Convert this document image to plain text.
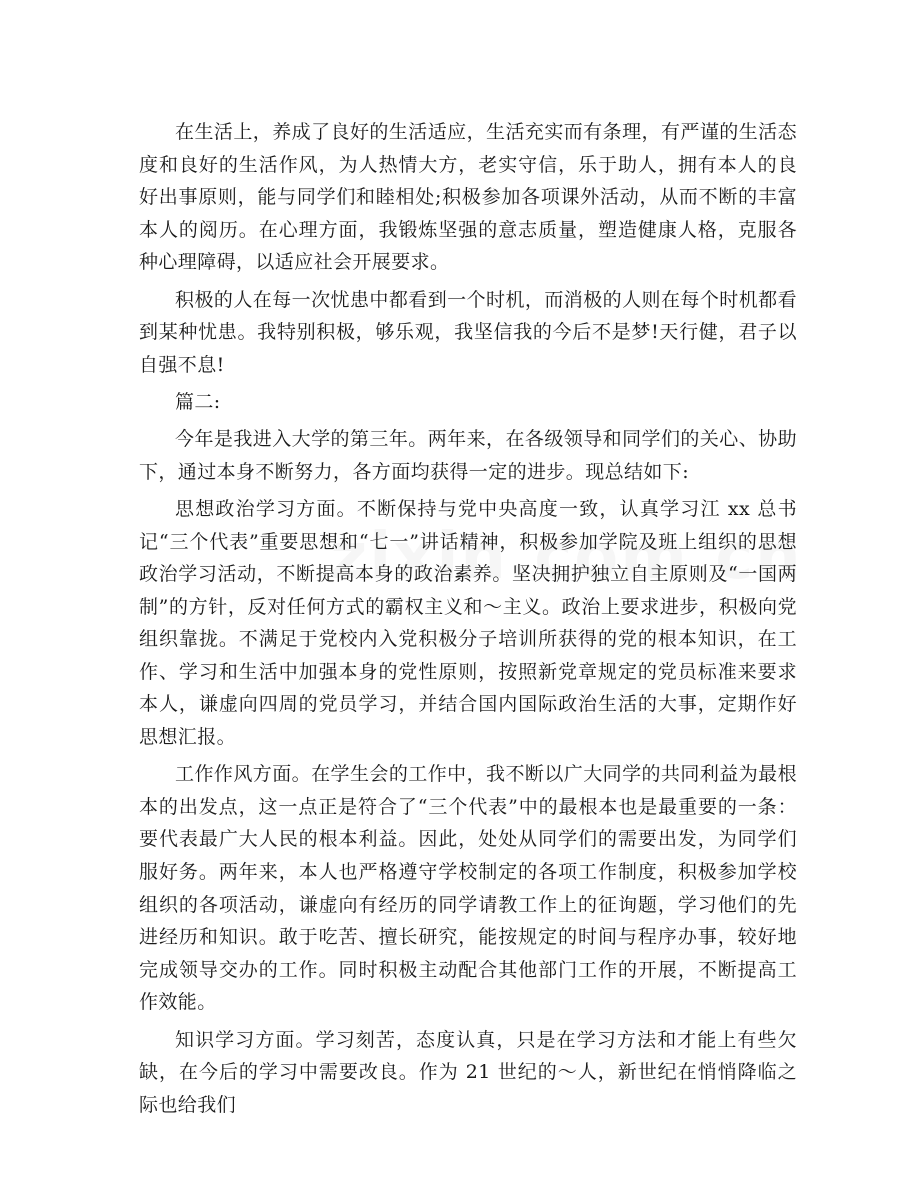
在生活上，养成了良好的生活适应，生活充实而有条理，有严谨的生活态度和良好的生活作风，为人热情大方，老实守信，乐于助人，拥有本人的良好出事原则，能与同学们和睦相处;积极参加各项课外活动，从而不断的丰富本人的阅历。在心理方面，我锻炼坚强的意志质量，塑造健康人格，克服各种心理障碍，以适应社会开展要求。

积极的人在每一次忧患中都看到一个时机，而消极的人则在每个时机都看到某种忧患。我特别积极，够乐观，我坚信我的今后不是梦!天行健，君子以自强不息!

篇二:

今年是我进入大学的第三年。两年来，在各级领导和同学们的关心、协助下，通过本身不断努力，各方面均获得一定的进步。现总结如下:

思想政治学习方面。不断保持与党中央高度一致，认真学习江 xx 总书记“三个代表”重要思想和“七一”讲话精神，积极参加学院及班上组织的思想政治学习活动，不断提高本身的政治素养。坚决拥护独立自主原则及“一国两制”的方针，反对任何方式的霸权主义和～主义。政治上要求进步，积极向党组织靠拢。不满足于党校内入党积极分子培训所获得的党的根本知识，在工作、学习和生活中加强本身的党性原则，按照新党章规定的党员标准来要求本人，谦虚向四周的党员学习，并结合国内国际政治生活的大事，定期作好思想汇报。

工作作风方面。在学生会的工作中，我不断以广大同学的共同利益为最根本的出发点，这一点正是符合了“三个代表”中的最根本也是最重要的一条：要代表最广大人民的根本利益。因此，处处从同学们的需要出发，为同学们服好务。两年来，本人也严格遵守学校制定的各项工作制度，积极参加学校组织的各项活动，谦虚向有经历的同学请教工作上的征询题，学习他们的先进经历和知识。敢于吃苦、擅长研究，能按规定的时间与程序办事，较好地完成领导交办的工作。同时积极主动配合其他部门工作的开展，不断提高工作效能。

知识学习方面。学习刻苦，态度认真，只是在学习方法和才能上有些欠缺，在今后的学习中需要改良。作为 21 世纪的～人，新世纪在悄悄降临之际也给我们
